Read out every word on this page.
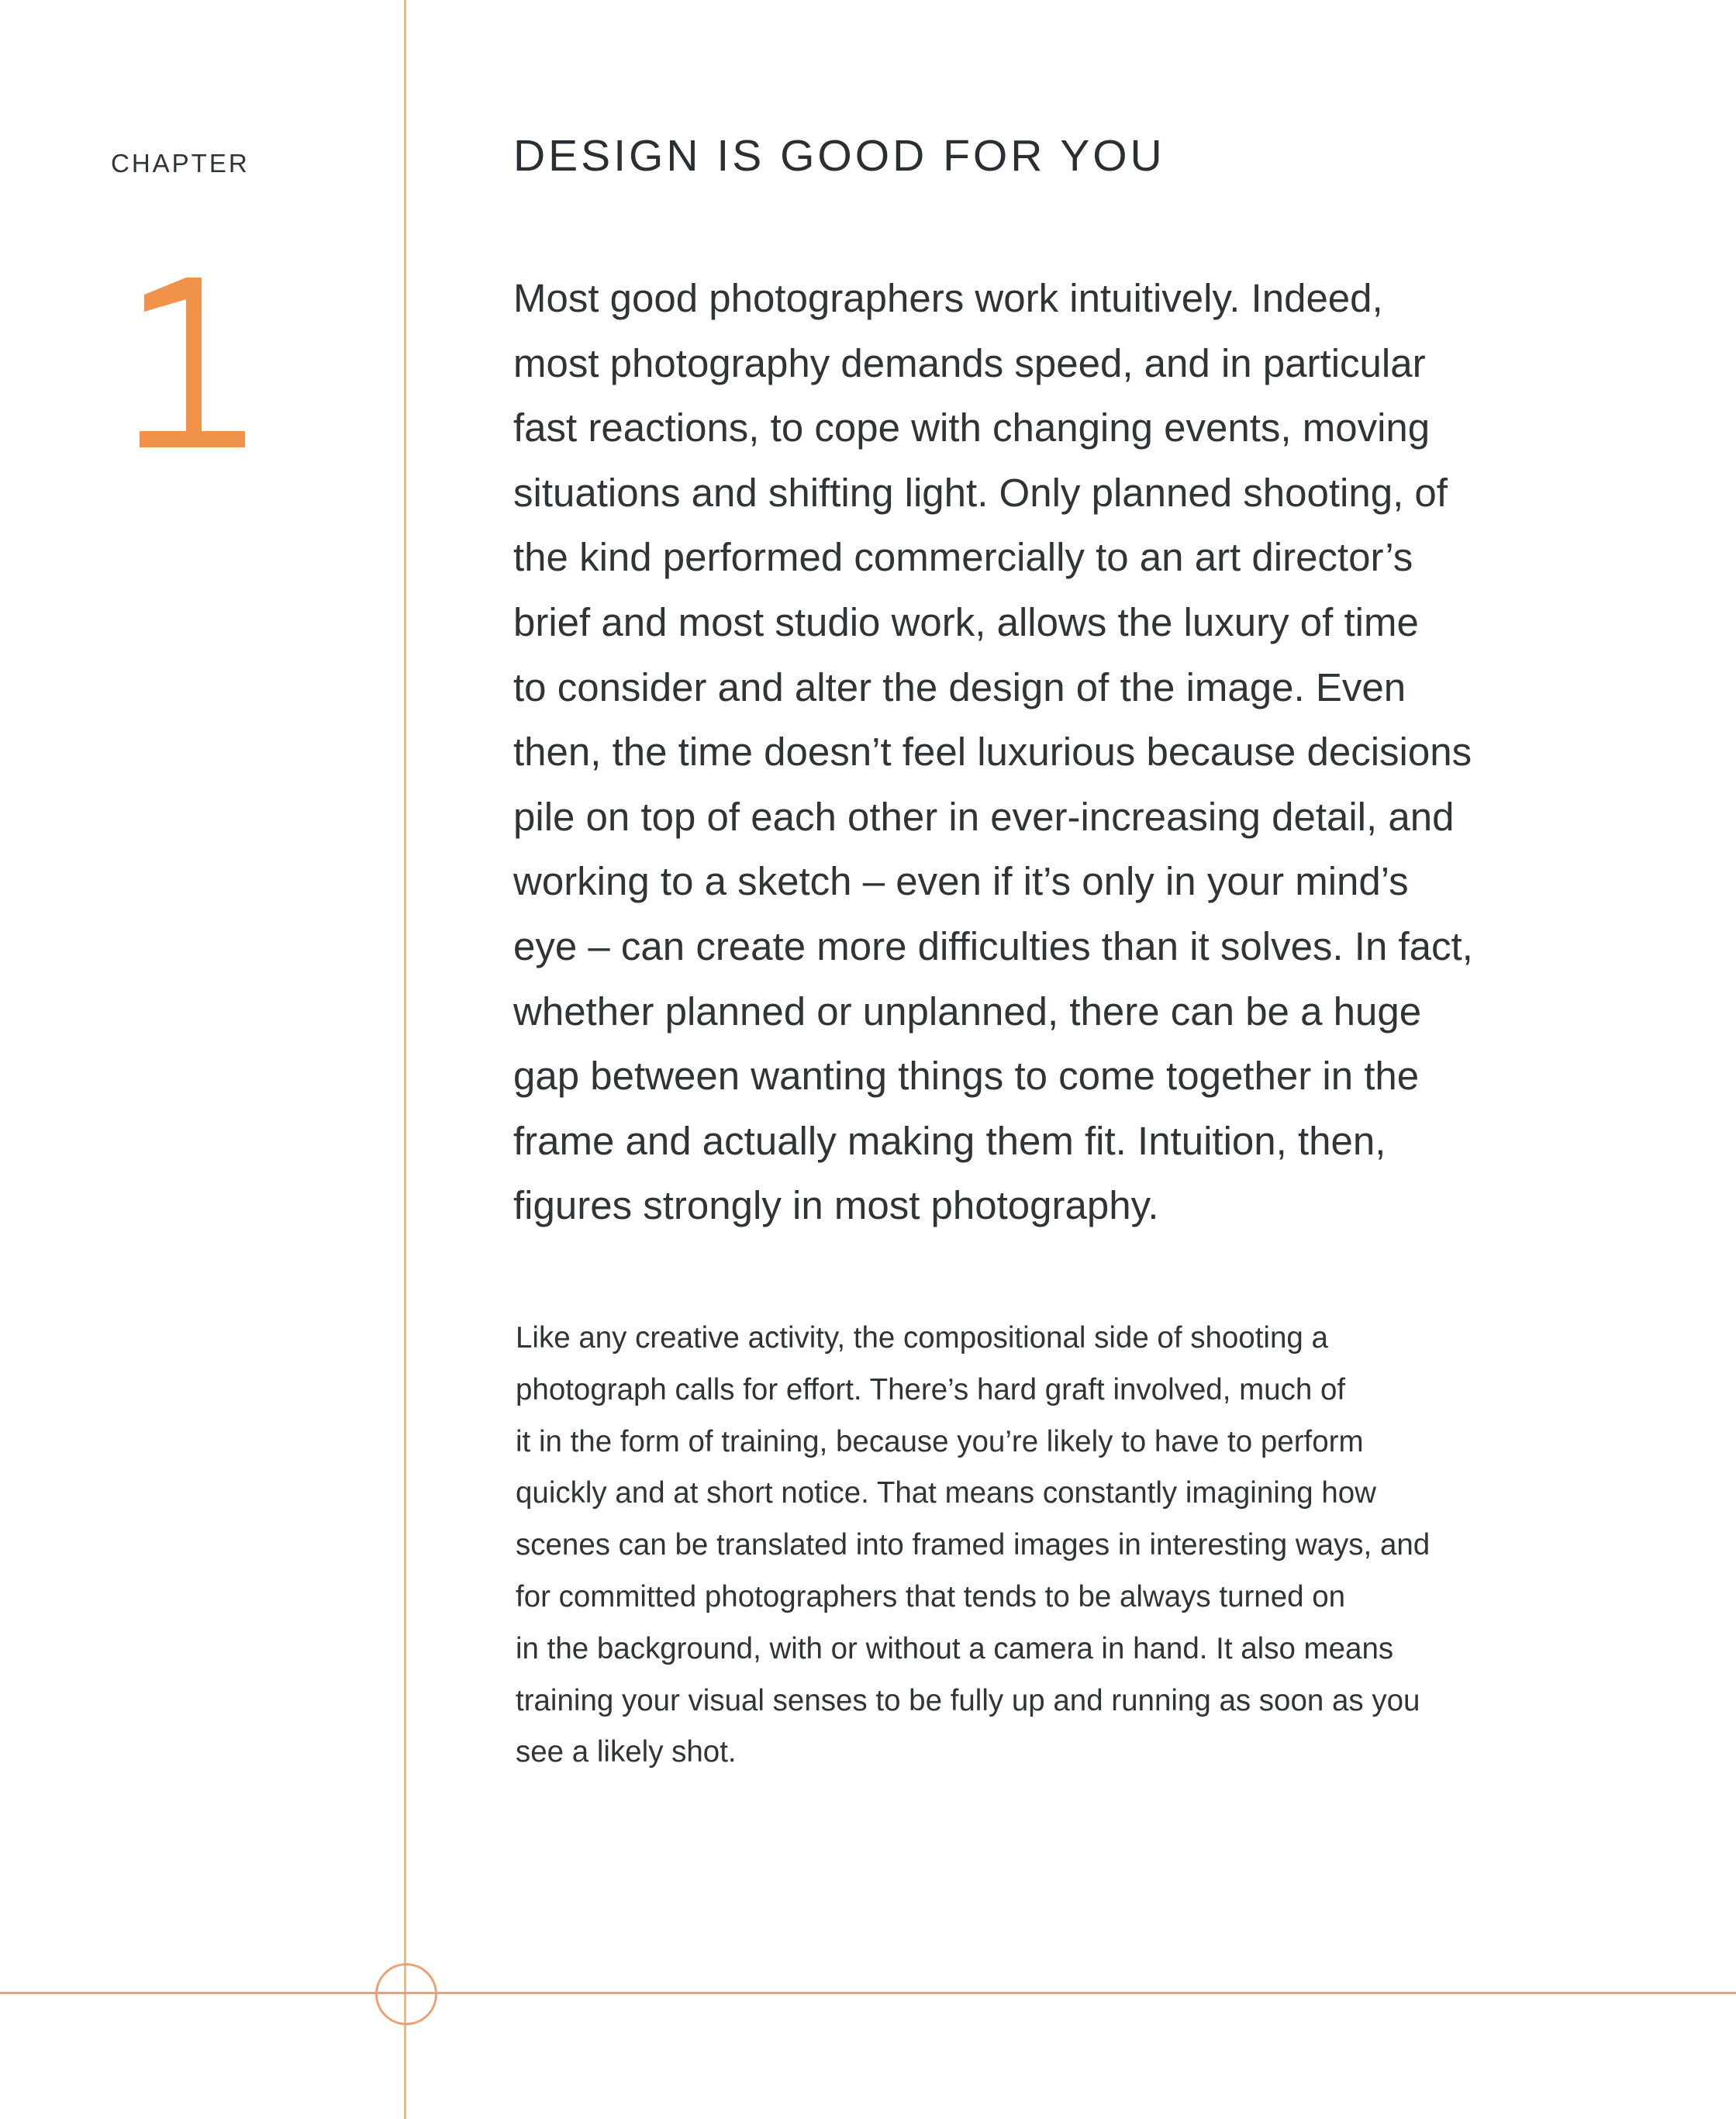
CHAPTER	DESIGN IS GOOD FOR YOU
Most good photographers work intuitively. Indeed,
most photography demands speed, and in particular
fast reactions, to cope with changing events, moving
situations and shifting light. Only planned shooting, of
the kind performed commercially to an art director’s
brief and most studio work, allows the luxury of time
to consider and alter the design of the image. Even
then, the time doesn’t feel luxurious because decisions
pile on top of each other in ever-increasing detail, and
working to a sketch – even if it’s only in your mind’s
eye – can create more difficulties than it solves. In fact,
whether planned or unplanned, there can be a huge
gap between wanting things to come together in the
frame and actually making them fit. Intuition, then,
figures strongly in most photography.
Like any creative activity, the compositional side of shooting a
photograph calls for effort. There’s hard graft involved, much of
it in the form of training, because you’re likely to have to perform
quickly and at short notice. That means constantly imagining how
scenes can be translated into framed images in interesting ways, and
for committed photographers that tends to be always turned on
in the background, with or without a camera in hand. It also means
training your visual senses to be fully up and running as soon as you
see a likely shot.
